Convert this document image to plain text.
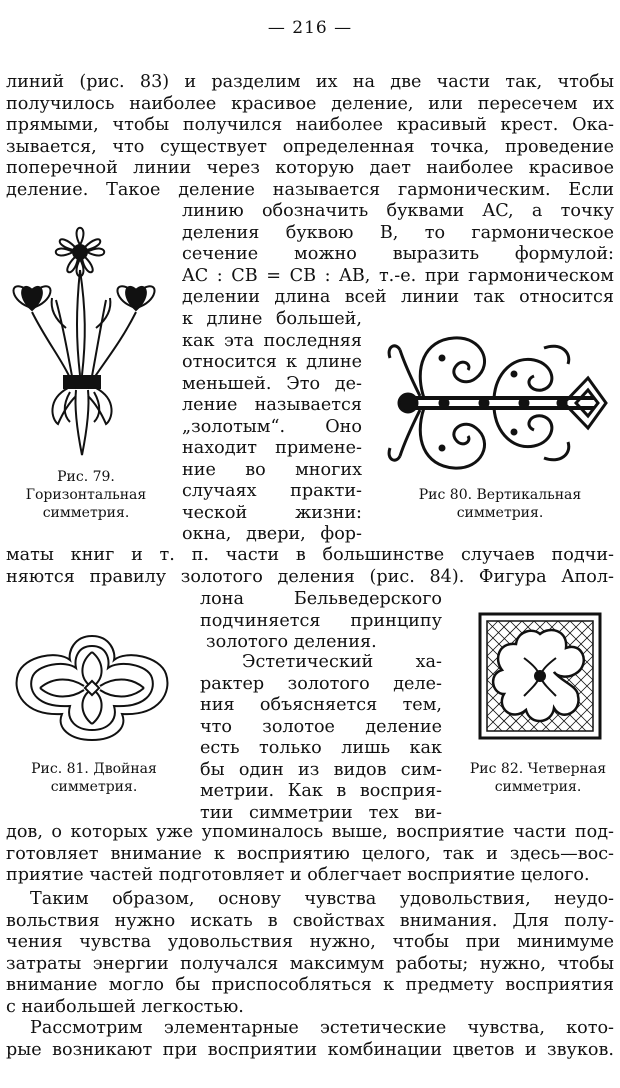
— 216 —
линий (рис. 83) и разделим их на две части так, чтобы
получилось наиболее красивое деление, или пересечем их
прямыми, чтобы получился наиболее красивый крест. Ока-
зывается, что существует определенная точка, проведение
поперечной линии через которую дает наиболее красивое
деление. Такое деление называется гармоническим. Если
линию обозначить буквами AC, а точку
деления буквою B, то гармоническое
сечение можно выразить формулой:
AC : CB = CB : AB, т.-е. при гармоническом
делении длина всей линии так относится
к длине большей,
как эта последняя
относится к длине
меньшей. Это де-
ление называется
„золотым“. Оно
находит примене-
ние во многих
случаях практи-
ческой жизни:
окна, двери, фор-
маты книг и т. п. части в большинстве случаев подчи-
няются правилу золотого деления (рис. 84). Фигура Апол-
лона Бельведерского
подчиняется принципу
золотого деления.
Эстетический ха-
рактер золотого деле-
ния объясняется тем,
что золотое деление
есть только лишь как
бы один из видов сим-
метрии. Как в восприя-
тии симметрии тех ви-
дов, о которых уже упоминалось выше, восприятие части под-
готовляет внимание к восприятию целого, так и здесь—вос-
приятие частей подготовляет и облегчает восприятие целого.
Таким образом, основу чувства удовольствия, неудо-
вольствия нужно искать в свойствах внимания. Для полу-
чения чувства удовольствия нужно, чтобы при минимуме
затраты энергии получался максимум работы; нужно, чтобы
внимание могло бы приспособляться к предмету восприятия
с наибольшей легкостью.
Рассмотрим элементарные эстетические чувства, кото-
рые возникают при восприятии комбинации цветов и звуков.
Рис. 79.
Горизонтальная
симметрия.
Рис 80. Вертикальная
симметрия.
Рис. 81. Двойная
симметрия.
Рис 82. Четверная
симметрия.
